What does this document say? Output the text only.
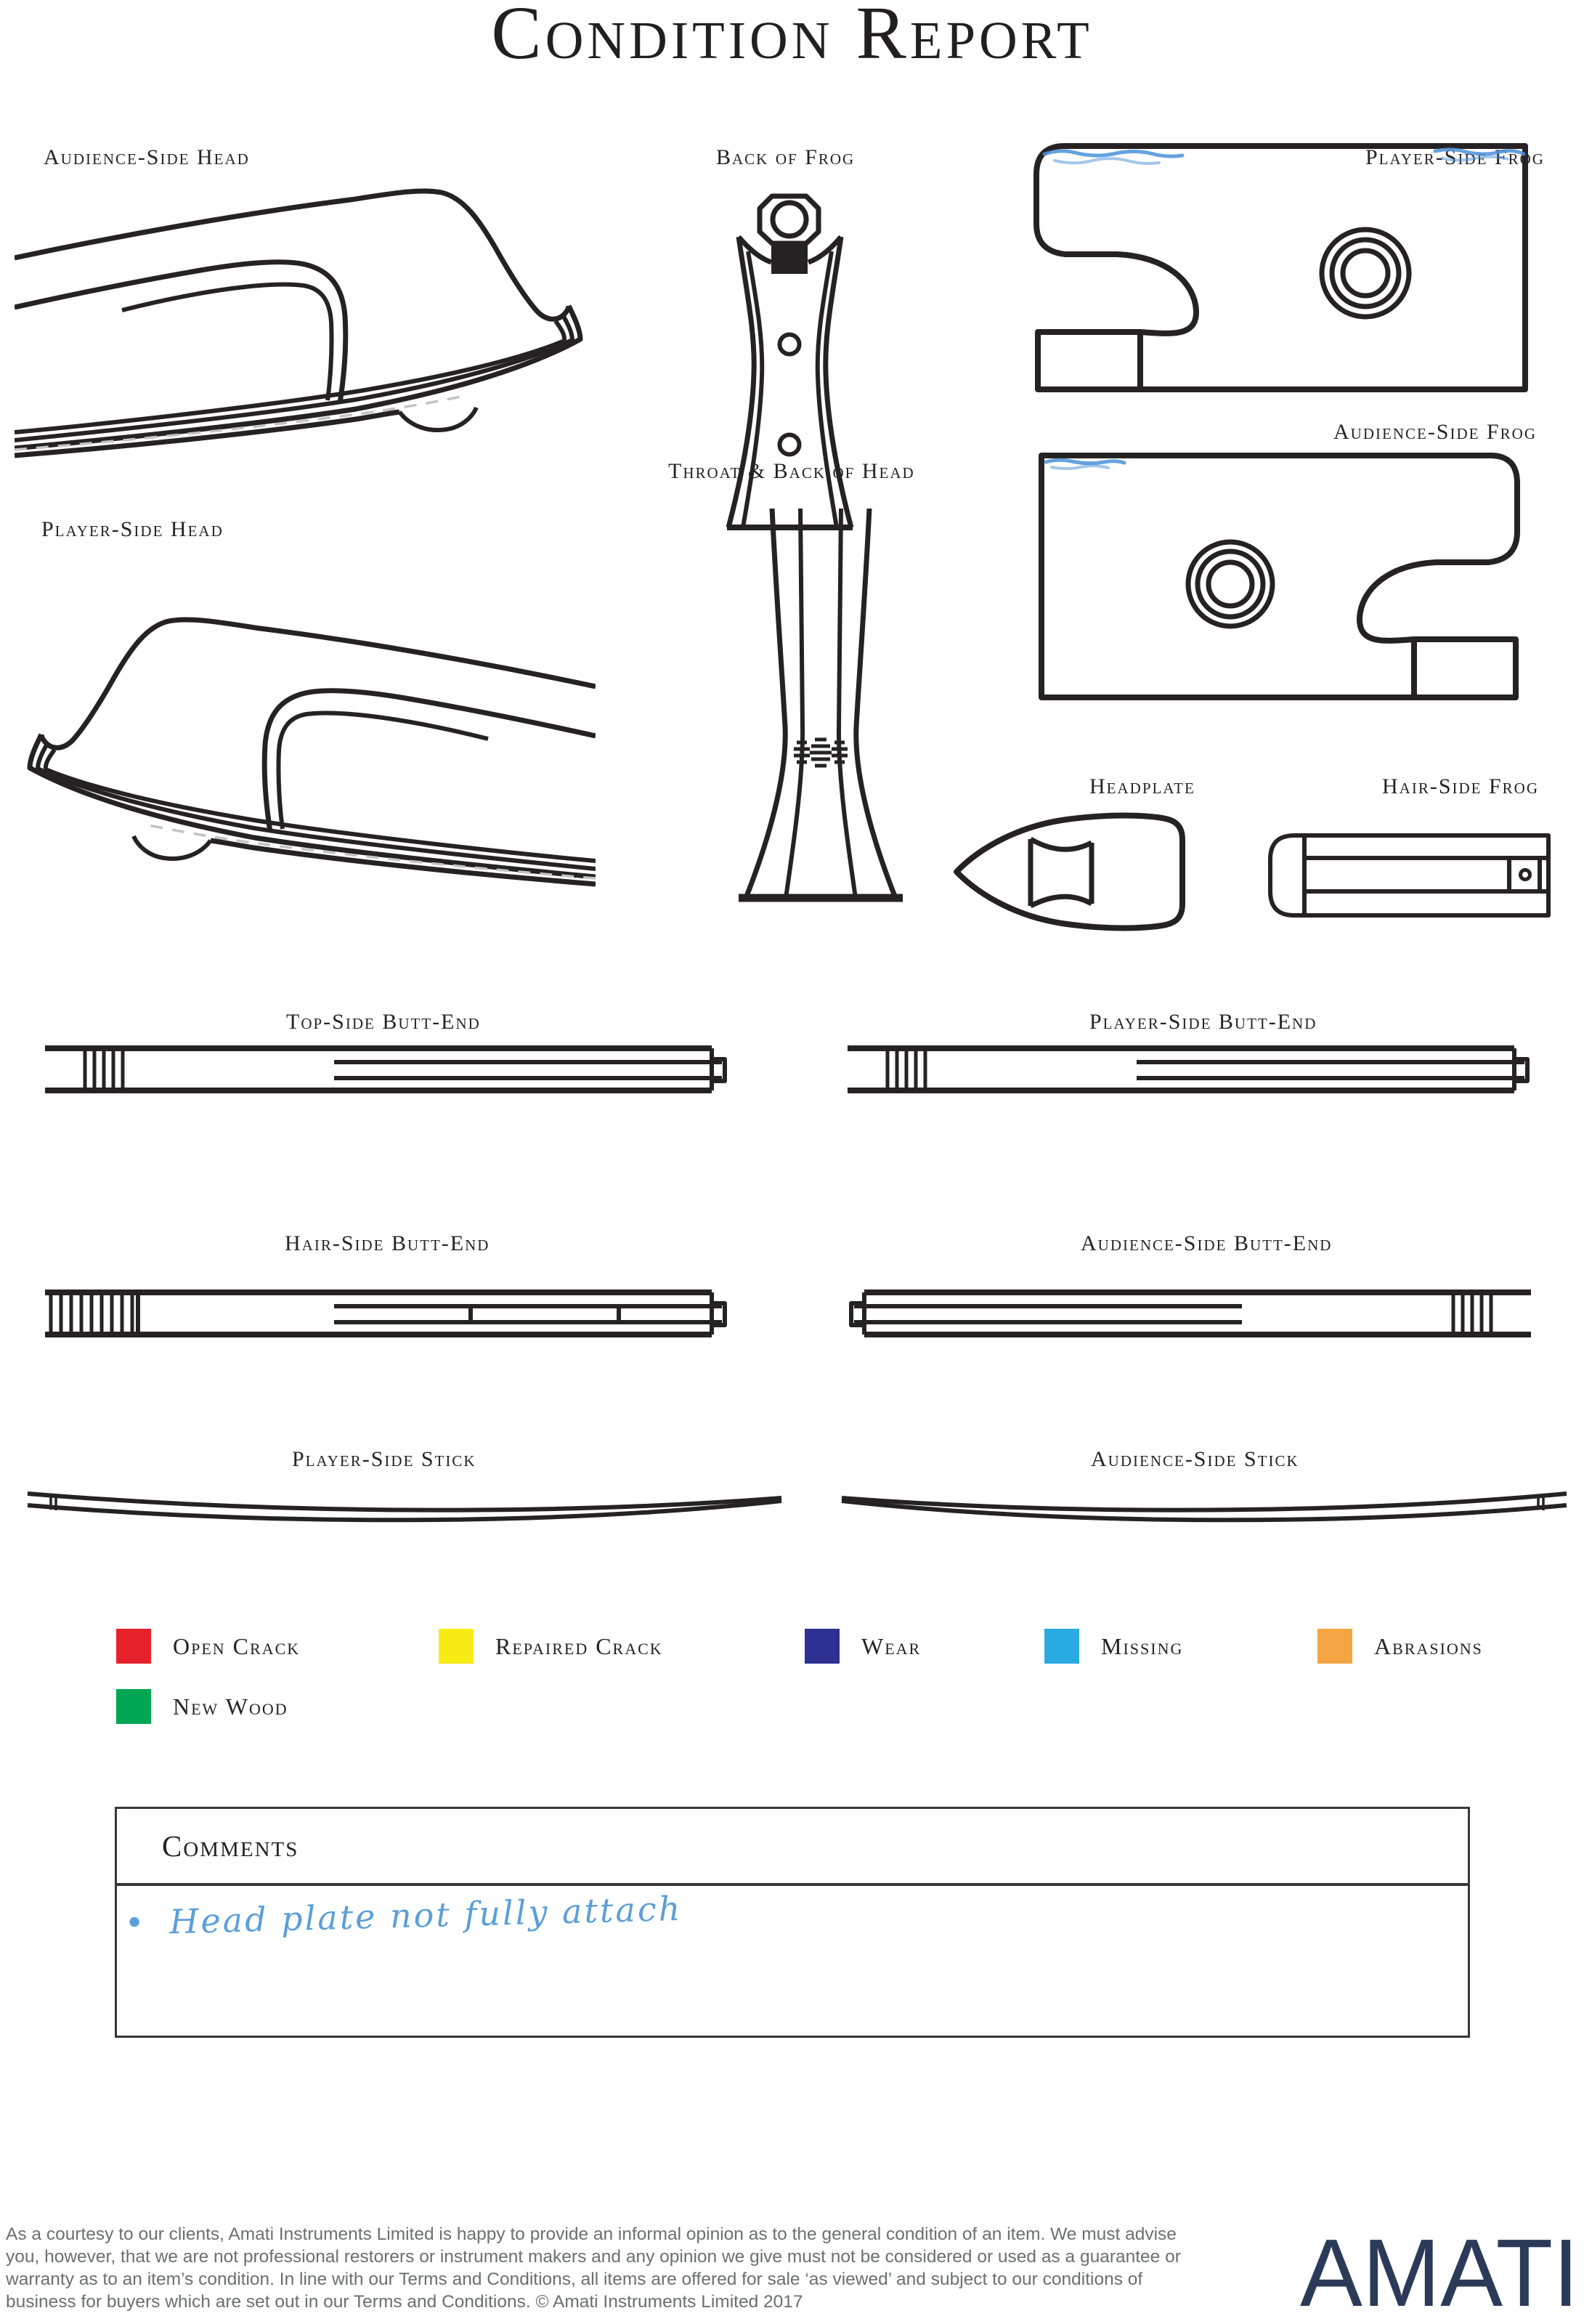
Condition Report
Audience-Side Head	Back of Frog	Player-Side Frog
Audience-Side Frog
Throat & Back of Head
Player-Side Head
Headplate	Hair-Side Frog
Top-Side Butt-End	Player-Side Butt-End
Hair-Side Butt-End	Audience-Side Butt-End
Player-Side Stick	Audience-Side Stick
Open Crack	Repaired Crack	Wear	Missing	Abrasions
New Wood
Comments
• Head plate not fully attach
As a courtesy to our clients, Amati Instruments Limited is happy to provide an informal opinion as to the general condition of an item. We must advise you, however, that we are not professional restorers or instrument makers and any opinion we give must not be considered or used as a guarantee or warranty as to an item’s condition. In line with our Terms and Conditions, all items are offered for sale ‘as viewed’ and subject to our conditions of business for buyers which are set out in our Terms and Conditions. © Amati Instruments Limited 2017	AMATI
